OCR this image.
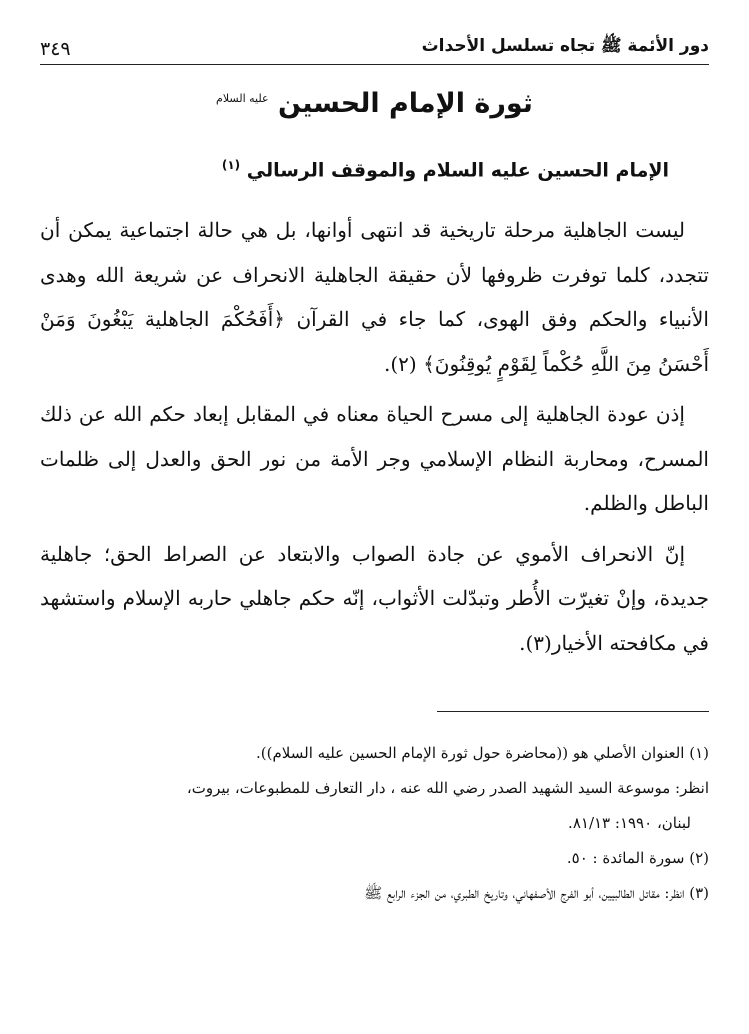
دور الأئمة ﷺ تجاه تسلسل الأحداث
٣٤٩
ثورة الإمام الحسين $^{عليه السلام}$
الإمام الحسين عليه السلام والموقف الرسالي $^{(١)}$

ليست الجاهلية مرحلة تاريخية قد انتهى أوانها، بل هي حالة اجتماعية يمكن أن تتجدد، كلما توفرت ظروفها لأن حقيقة الجاهلية الانحراف عن شريعة الله وهدى الأنبياء والحكم وفق الهوى، كما جاء في القرآن ﴿أَفَحُكْمَ الجاهلية يَبْغُونَ وَمَنْ أَحْسَنُ مِنَ اللَّهِ حُكْماً لِقَوْمٍ يُوقِنُونَ﴾ (٢).

إذن عودة الجاهلية إلى مسرح الحياة معناه في المقابل إبعاد حكم الله عن ذلك المسرح، ومحاربة النظام الإسلامي وجر الأمة من نور الحق والعدل إلى ظلمات الباطل والظلم.

إنّ الانحراف الأموي عن جادة الصواب والابتعاد عن الصراط الحق؛ جاهلية جديدة، وإنْ تغيرّت الأُطر وتبدّلت الأثواب، إنّه حكم جاهلي حاربه الإسلام واستشهد في مكافحته الأخيار(٣).

(١) العنوان الأصلي هو ((محاضرة حول ثورة الإمام الحسين عليه السلام)).
انظر: موسوعة السيد الشهيد الصدر رضي الله عنه ، دار التعارف للمطبوعات، بيروت،
لبنان، ١٩٩٠: ٨١/١٣.
(٢) سورة المائدة : ٥٠.
(٣) انظر: مقاتل الطالبيين، أبو الفرج الأصفهاني، وتاريخ الطبري، من الجزء الرابع ﷺ
